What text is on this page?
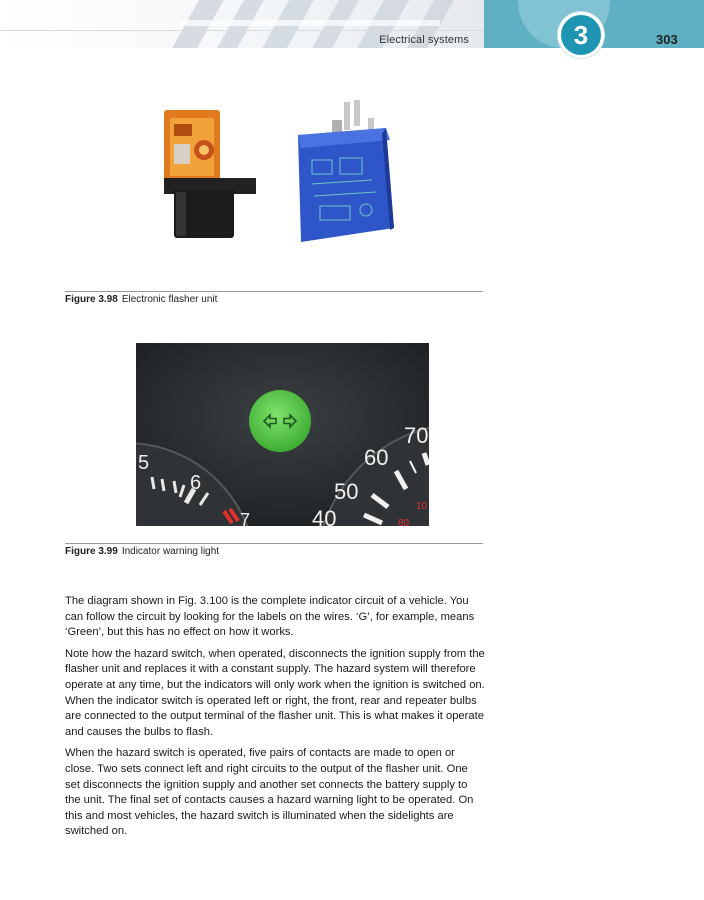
Electrical systems	3	303
Figure 3.98 Electronic flasher unit
5
6
7	40
50
60
70
10
80
Figure 3.99 Indicator warning light

The diagram shown in Fig. 3.100 is the complete indicator circuit of a vehicle. You can follow the circuit by looking for the labels on the wires. ‘G’, for example, means ‘Green’, but this has no effect on how it works.

Note how the hazard switch, when operated, disconnects the ignition supply from the flasher unit and replaces it with a constant supply. The hazard system will therefore operate at any time, but the indicators will only work when the ignition is switched on. When the indicator switch is operated left or right, the front, rear and repeater bulbs are connected to the output terminal of the flasher unit. This is what makes it operate and causes the bulbs to flash.

When the hazard switch is operated, five pairs of contacts are made to open or close. Two sets connect left and right circuits to the output of the flasher unit. One set disconnects the ignition supply and another set connects the battery supply to the unit. The final set of contacts causes a hazard warning light to be operated. On this and most vehicles, the hazard switch is illuminated when the sidelights are switched on.
